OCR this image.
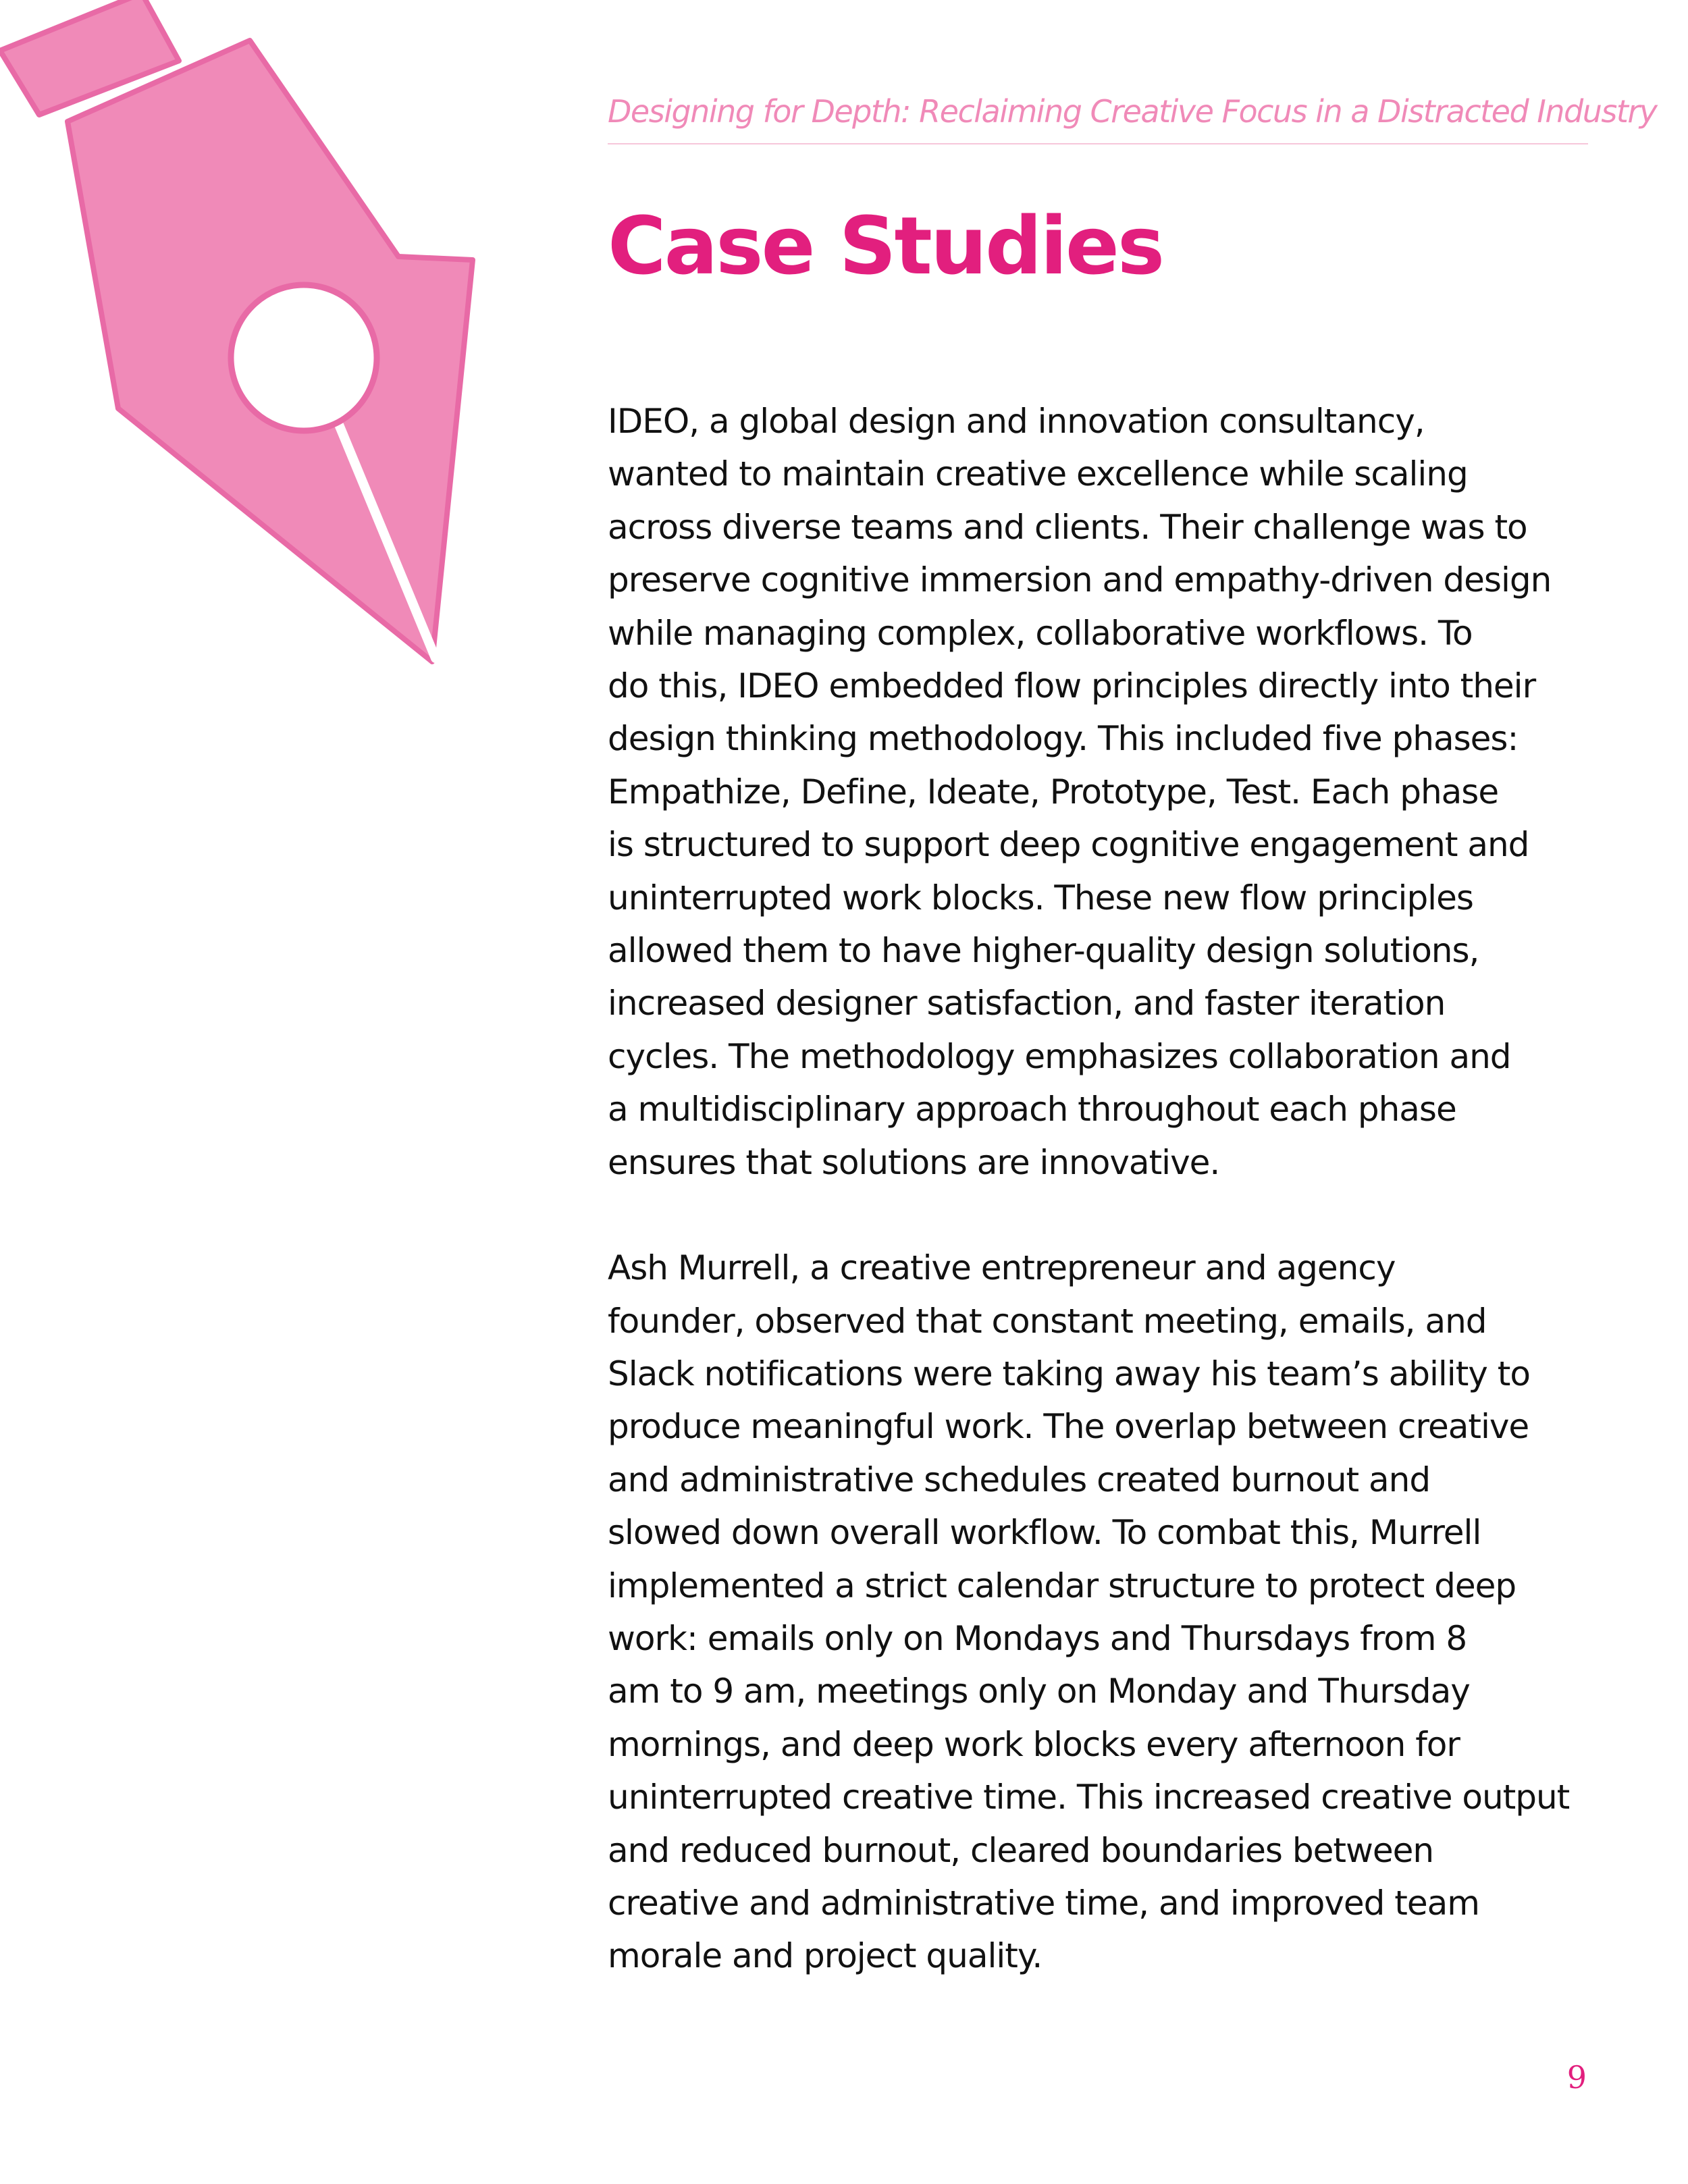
Designing for Depth: Reclaiming Creative Focus in a Distracted Industry
Case Studies

IDEO, a global design and innovation consultancy,
wanted to maintain creative excellence while scaling
across diverse teams and clients. Their challenge was to
preserve cognitive immersion and empathy-driven design
while managing complex, collaborative workflows. To
do this, IDEO embedded flow principles directly into their
design thinking methodology. This included five phases:
Empathize, Define, Ideate, Prototype, Test. Each phase
is structured to support deep cognitive engagement and
uninterrupted work blocks. These new flow principles
allowed them to have higher-quality design solutions,
increased designer satisfaction, and faster iteration
cycles. The methodology emphasizes collaboration and
a multidisciplinary approach throughout each phase
ensures that solutions are innovative.

Ash Murrell, a creative entrepreneur and agency
founder, observed that constant meeting, emails, and
Slack notifications were taking away his team’s ability to
produce meaningful work. The overlap between creative
and administrative schedules created burnout and
slowed down overall workflow. To combat this, Murrell
implemented a strict calendar structure to protect deep
work: emails only on Mondays and Thursdays from 8
am to 9 am, meetings only on Monday and Thursday
mornings, and deep work blocks every afternoon for
uninterrupted creative time. This increased creative output
and reduced burnout, cleared boundaries between
creative and administrative time, and improved team
morale and project quality.

9
